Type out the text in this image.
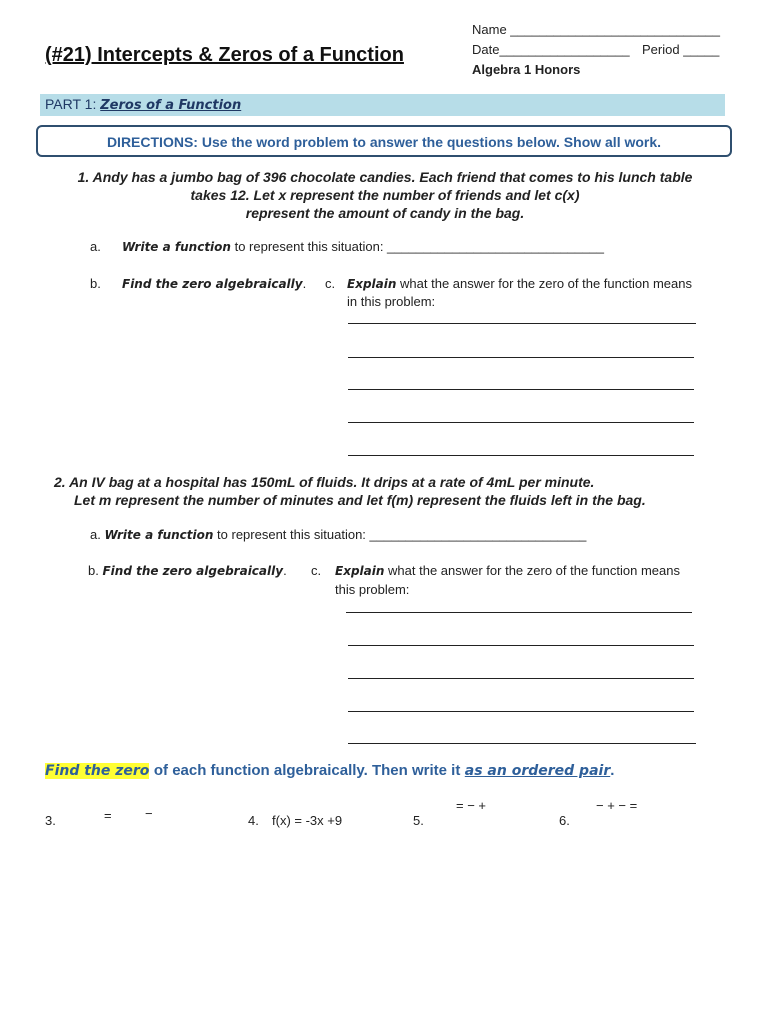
(#21) Intercepts & Zeros of a Function
Name _____________________________
Date__________________ Period _____
Algebra 1 Honors
PART 1: Zeros of a Function
DIRECTIONS: Use the word problem to answer the questions below. Show all work.
1. Andy has a jumbo bag of 396 chocolate candies. Each friend that comes to his lunch table
takes 12. Let x represent the number of friends and let c(x)
represent the amount of candy in the bag.
a. Write a function to represent this situation: ______________________________
b. Find the zero algebraically. c. Explain what the answer for the zero of the function means
in this problem:
2. An IV bag at a hospital has 150mL of fluids. It drips at a rate of 4mL per minute.
Let m represent the number of minutes and let f(m) represent the fluids left in the bag.
a. Write a function to represent this situation: ______________________________
b. Find the zero algebraically. c. Explain what the answer for the zero of the function means
this problem:
Find the zero of each function algebraically. Then write it as an ordered pair.
3.	=	−	4. f(x) = -3x +9	5.
= − +
6.
− + − =
